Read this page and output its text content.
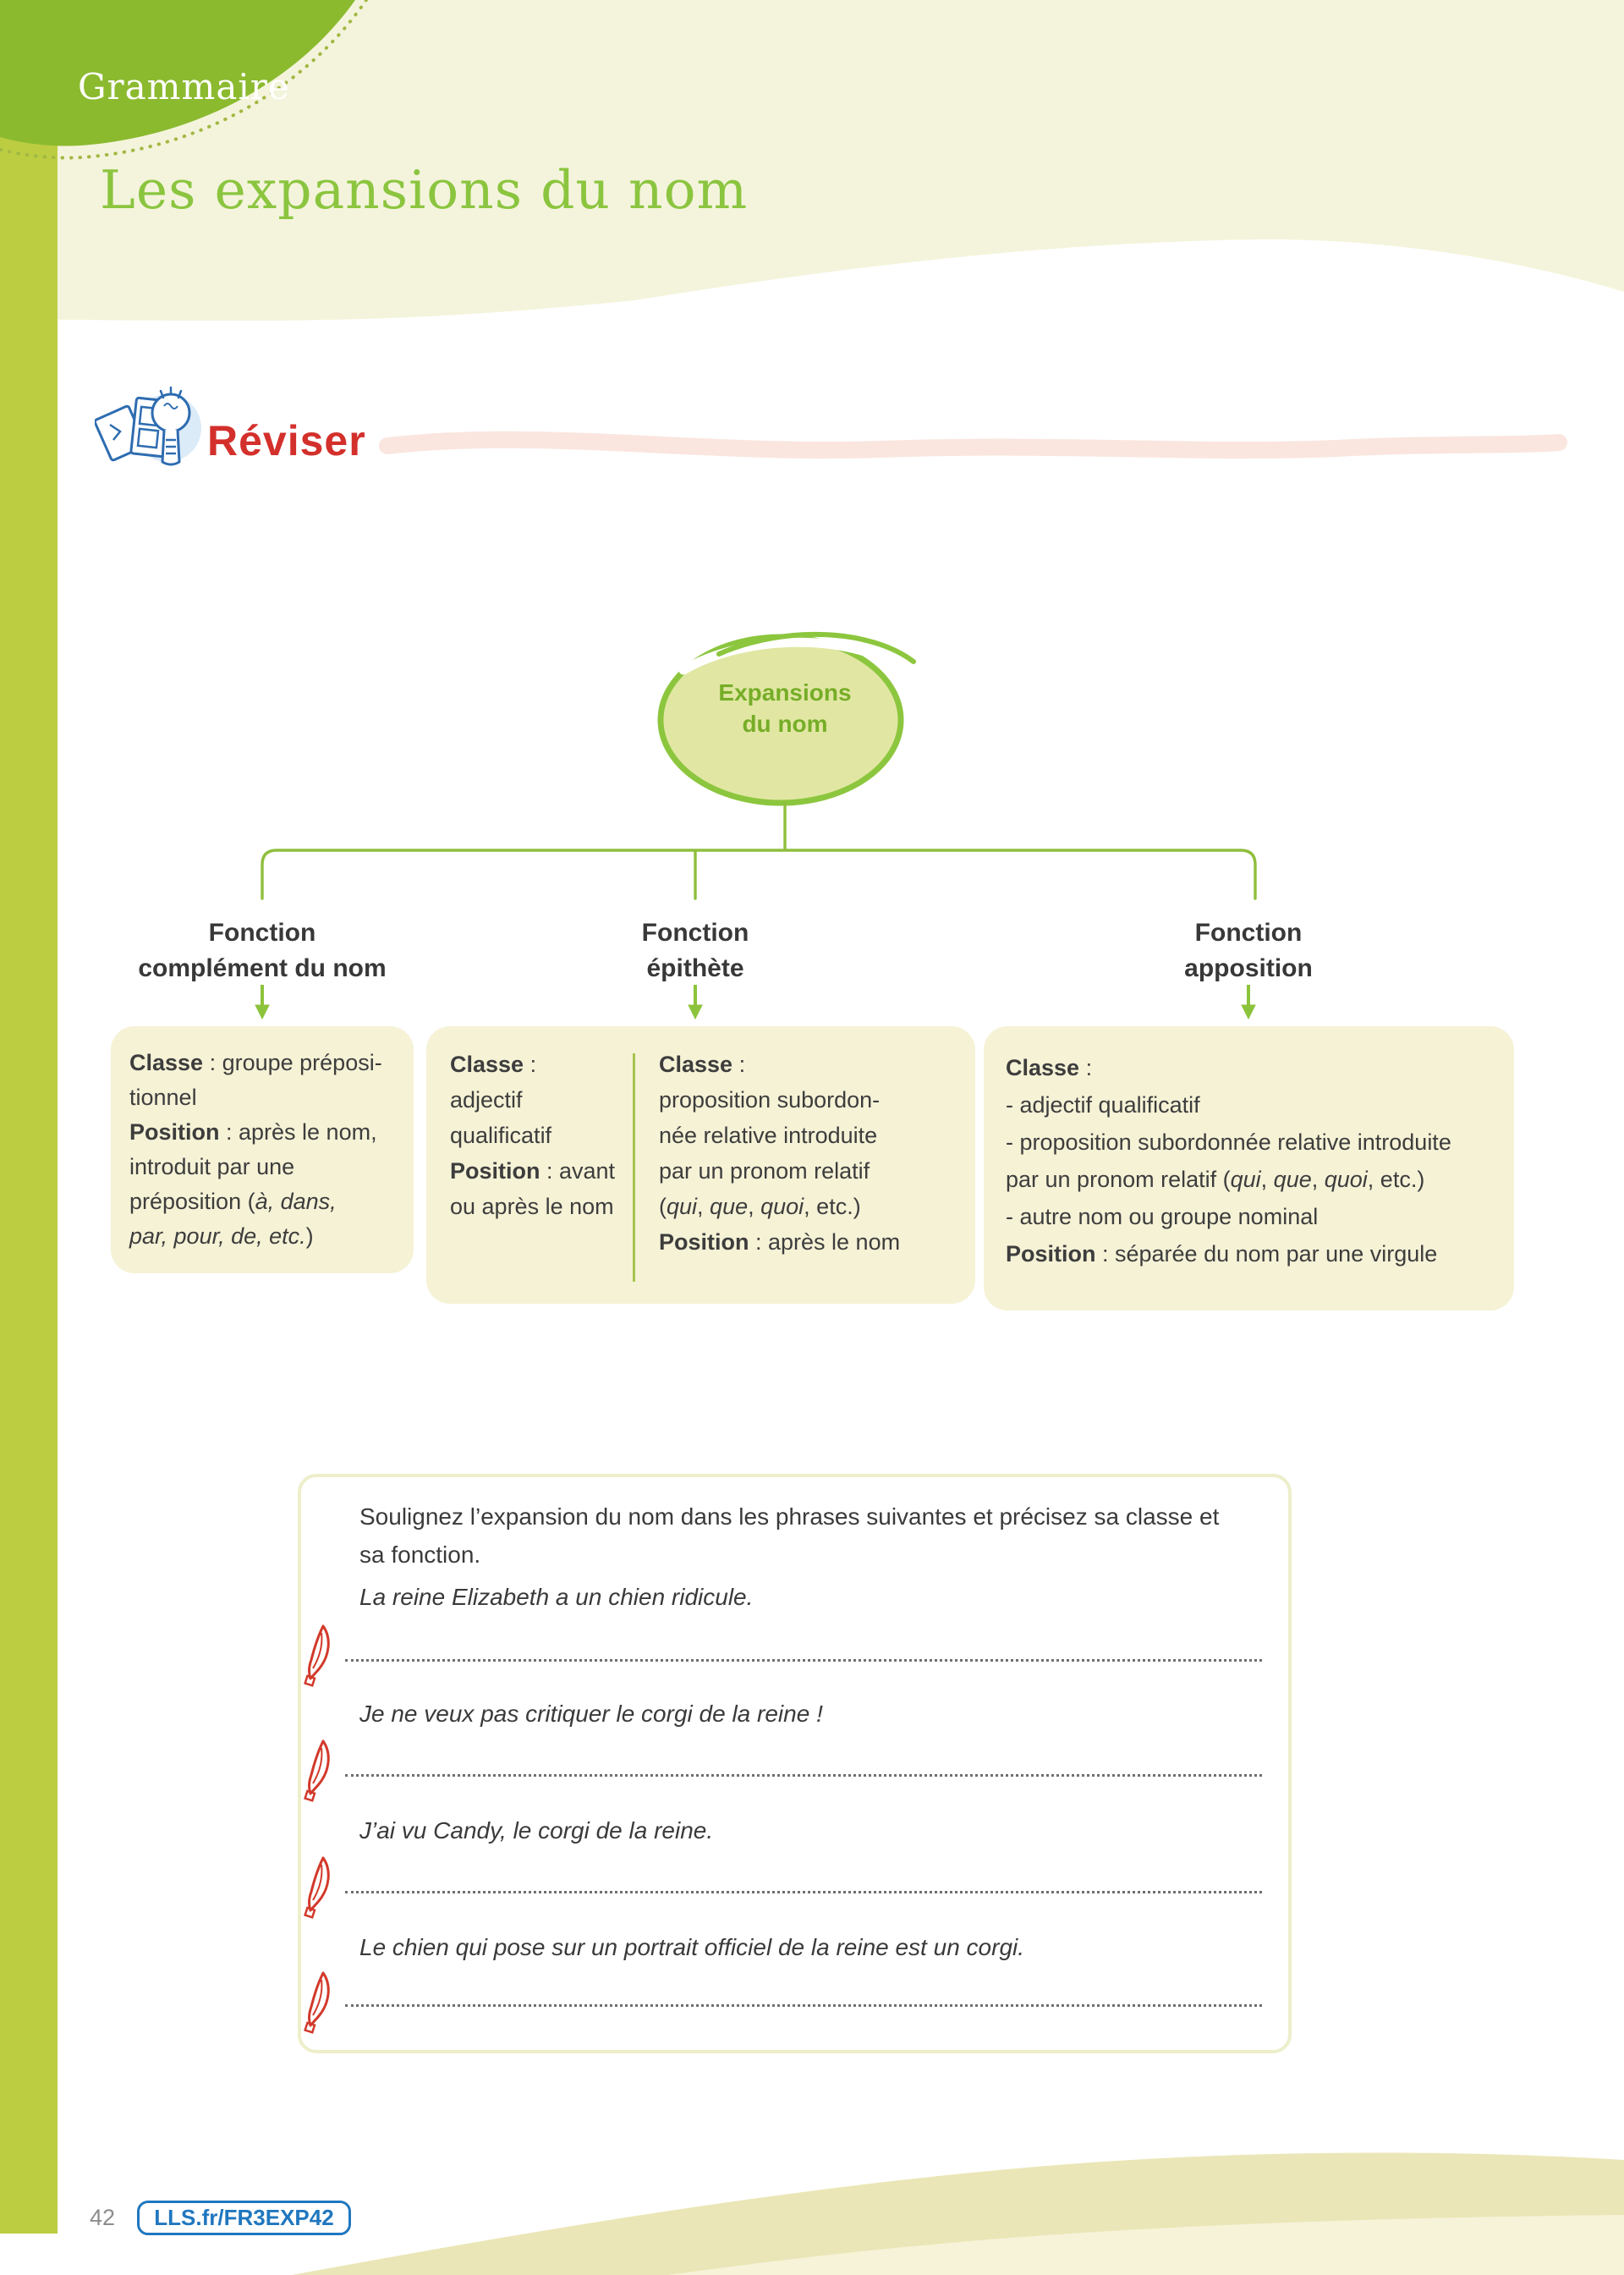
Grammaire
Les expansions du nom
Réviser
Expansions
du nom
Fonction
complément du nom
Fonction
épithète
Fonction
apposition
Classe : groupe préposi-
tionnel
Position : après le nom,
introduit par une
préposition (à, dans,
par, pour, de, etc.)
Classe :
adjectif
qualificatif
Position : avant
ou après le nom
Classe :
proposition subordon-
née relative introduite
par un pronom relatif
(qui, que, quoi, etc.)
Position : après le nom
Classe :
- adjectif qualificatif
- proposition subordonnée relative introduite
par un pronom relatif (qui, que, quoi, etc.)
- autre nom ou groupe nominal
Position : séparée du nom par une virgule
Soulignez l’expansion du nom dans les phrases suivantes et précisez sa classe et sa fonction.
La reine Elizabeth a un chien ridicule.
Je ne veux pas critiquer le corgi de la reine !
J’ai vu Candy, le corgi de la reine.
Le chien qui pose sur un portrait officiel de la reine est un corgi.
42 LLS.fr/FR3EXP42
